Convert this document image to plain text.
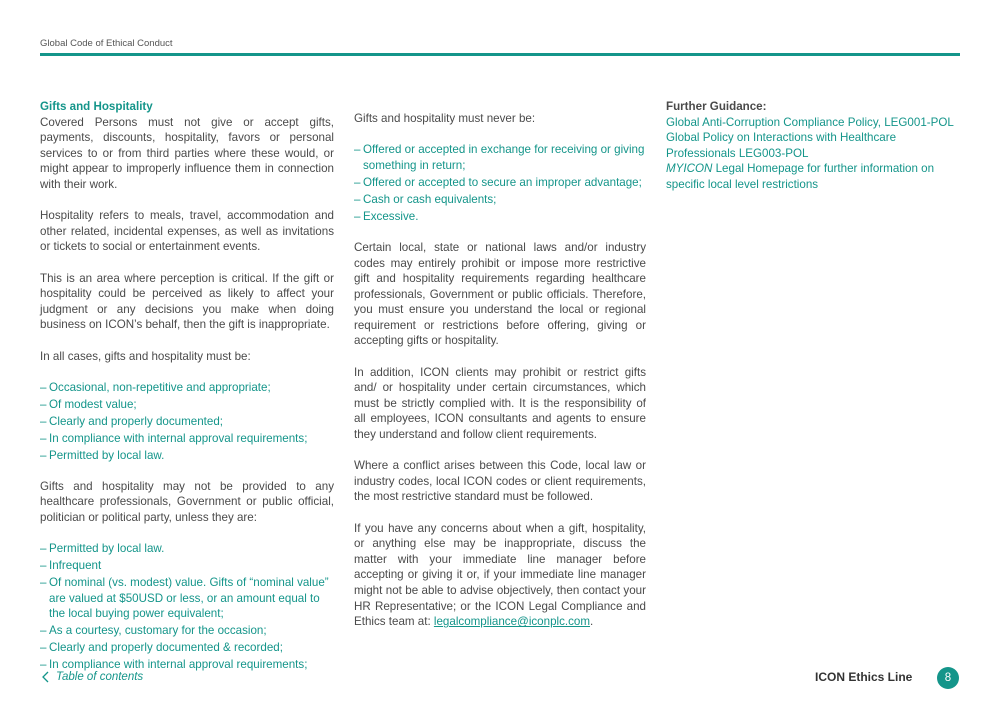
Global Code of Ethical Conduct
Gifts and Hospitality

Covered Persons must not give or accept gifts, payments, discounts, hospitality, favors or personal services to or from third parties where these would, or might appear to improperly influence them in connection with their work.

Hospitality refers to meals, travel, accommodation and other related, incidental expenses, as well as invitations or tickets to social or entertainment events.

This is an area where perception is critical. If the gift or hospitality could be perceived as likely to affect your judgment or any decisions you make when doing business on ICON’s behalf, then the gift is inappropriate.

In all cases, gifts and hospitality must be:

– Occasional, non-repetitive and appropriate;
– Of modest value;
– Clearly and properly documented;
– In compliance with internal approval requirements;
– Permitted by local law.

Gifts and hospitality may not be provided to any healthcare professionals, Government or public official, politician or political party, unless they are:

– Permitted by local law.
– Infrequent
– Of nominal (vs. modest) value. Gifts of “nominal value” are valued at $50USD or less, or an amount equal to the local buying power equivalent;
– As a courtesy, customary for the occasion;
– Clearly and properly documented & recorded;
– In compliance with internal approval requirements;

Gifts and hospitality must never be:

– Offered or accepted in exchange for receiving or giving something in return;
– Offered or accepted to secure an improper advantage;
– Cash or cash equivalents;
– Excessive.

Certain local, state or national laws and/or industry codes may entirely prohibit or impose more restrictive gift and hospitality requirements regarding healthcare professionals, Government or public officials. Therefore, you must ensure you understand the local or regional requirement or restrictions before offering, giving or accepting gifts or hospitality.

In addition, ICON clients may prohibit or restrict gifts and/ or hospitality under certain circumstances, which must be strictly complied with. It is the responsibility of all employees, ICON consultants and agents to ensure they understand and follow client requirements.

Where a conflict arises between this Code, local law or industry codes, local ICON codes or client requirements, the most restrictive standard must be followed.

If you have any concerns about when a gift, hospitality, or anything else may be inappropriate, discuss the matter with your immediate line manager before accepting or giving it or, if your immediate line manager might not be able to advise objectively, then contact your HR Representative; or the ICON Legal Compliance and Ethics team at: legalcompliance@iconplc.com.

Further Guidance:
Global Anti-Corruption Compliance Policy, LEG001-POL
Global Policy on Interactions with Healthcare Professionals LEG003-POL
MYICON Legal Homepage for further information on specific local level restrictions
Table of contents	ICON Ethics Line	8
